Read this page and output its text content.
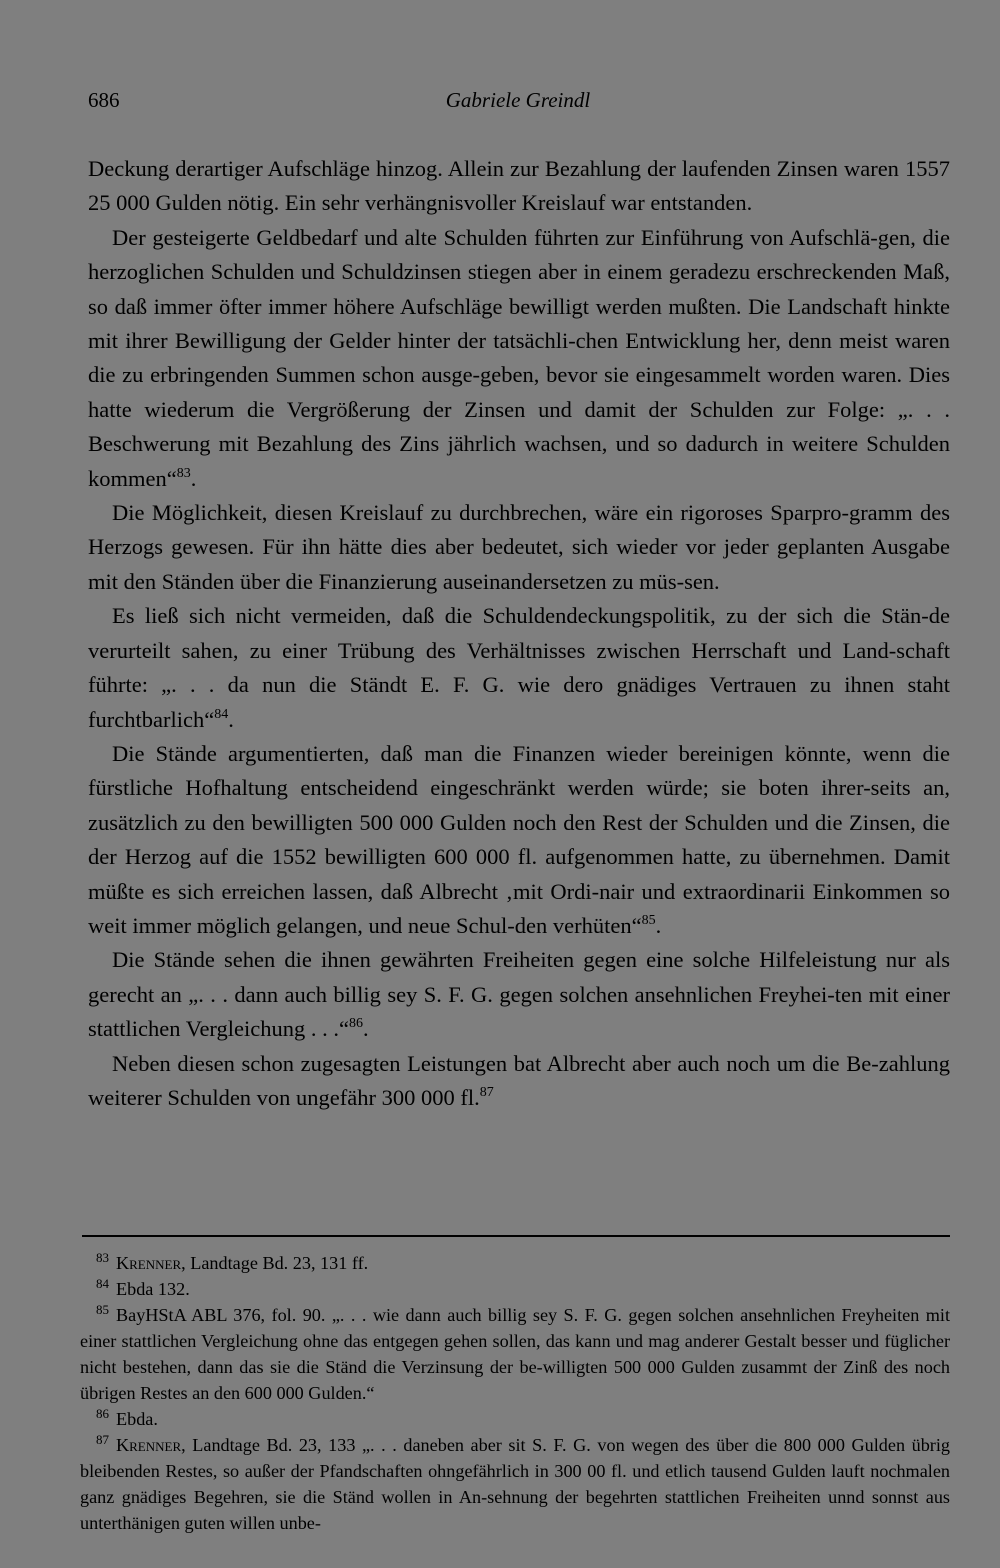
686	Gabriele Greindl

Deckung derartiger Aufschläge hinzog. Allein zur Bezahlung der laufenden Zinsen waren 1557 25 000 Gulden nötig. Ein sehr verhängnisvoller Kreislauf war entstanden.

Der gesteigerte Geldbedarf und alte Schulden führten zur Einführung von Aufschlä-gen, die herzoglichen Schulden und Schuldzinsen stiegen aber in einem geradezu erschreckenden Maß, so daß immer öfter immer höhere Aufschläge bewilligt werden mußten. Die Landschaft hinkte mit ihrer Bewilligung der Gelder hinter der tatsächli-chen Entwicklung her, denn meist waren die zu erbringenden Summen schon ausge-geben, bevor sie eingesammelt worden waren. Dies hatte wiederum die Vergrößerung der Zinsen und damit der Schulden zur Folge: „. . . Beschwerung mit Bezahlung des Zins jährlich wachsen, und so dadurch in weitere Schulden kommen“$^{83}$.

Die Möglichkeit, diesen Kreislauf zu durchbrechen, wäre ein rigoroses Sparpro-gramm des Herzogs gewesen. Für ihn hätte dies aber bedeutet, sich wieder vor jeder geplanten Ausgabe mit den Ständen über die Finanzierung auseinandersetzen zu müs-sen.

Es ließ sich nicht vermeiden, daß die Schuldendeckungspolitik, zu der sich die Stän-de verurteilt sahen, zu einer Trübung des Verhältnisses zwischen Herrschaft und Land-schaft führte: „. . . da nun die Ständt E. F. G. wie dero gnädiges Vertrauen zu ihnen staht furchtbarlich“$^{84}$.

Die Stände argumentierten, daß man die Finanzen wieder bereinigen könnte, wenn die fürstliche Hofhaltung entscheidend eingeschränkt werden würde; sie boten ihrer-seits an, zusätzlich zu den bewilligten 500 000 Gulden noch den Rest der Schulden und die Zinsen, die der Herzog auf die 1552 bewilligten 600 000 fl. aufgenommen hatte, zu übernehmen. Damit müßte es sich erreichen lassen, daß Albrecht ‚mit Ordi-nair und extraordinarii Einkommen so weit immer möglich gelangen, und neue Schul-den verhüten“$^{85}$.

Die Stände sehen die ihnen gewährten Freiheiten gegen eine solche Hilfeleistung nur als gerecht an „. . . dann auch billig sey S. F. G. gegen solchen ansehnlichen Freyhei-ten mit einer stattlichen Vergleichung . . .“$^{86}$.

Neben diesen schon zugesagten Leistungen bat Albrecht aber auch noch um die Be-zahlung weiterer Schulden von ungefähr 300 000 fl.$^{87}$

$^{83}$ Krenner, Landtage Bd. 23, 131 ff.

$^{84}$ Ebda 132.

$^{85}$ BayHStA ABL 376, fol. 90. „. . . wie dann auch billig sey S. F. G. gegen solchen ansehnlichen Freyheiten mit einer stattlichen Vergleichung ohne das entgegen gehen sollen, das kann und mag anderer Gestalt besser und füglicher nicht bestehen, dann das sie die Ständ die Verzinsung der be-willigten 500 000 Gulden zusammt der Zinß des noch übrigen Restes an den 600 000 Gulden.“

$^{86}$ Ebda.

$^{87}$ Krenner, Landtage Bd. 23, 133 „. . . daneben aber sit S. F. G. von wegen des über die 800 000 Gulden übrig bleibenden Restes, so außer der Pfandschaften ohngefährlich in 300 00 fl. und etlich tausend Gulden lauft nochmalen ganz gnädiges Begehren, sie die Ständ wollen in An-sehnung der begehrten stattlichen Freiheiten unnd sonnst aus unterthänigen guten willen unbe-
